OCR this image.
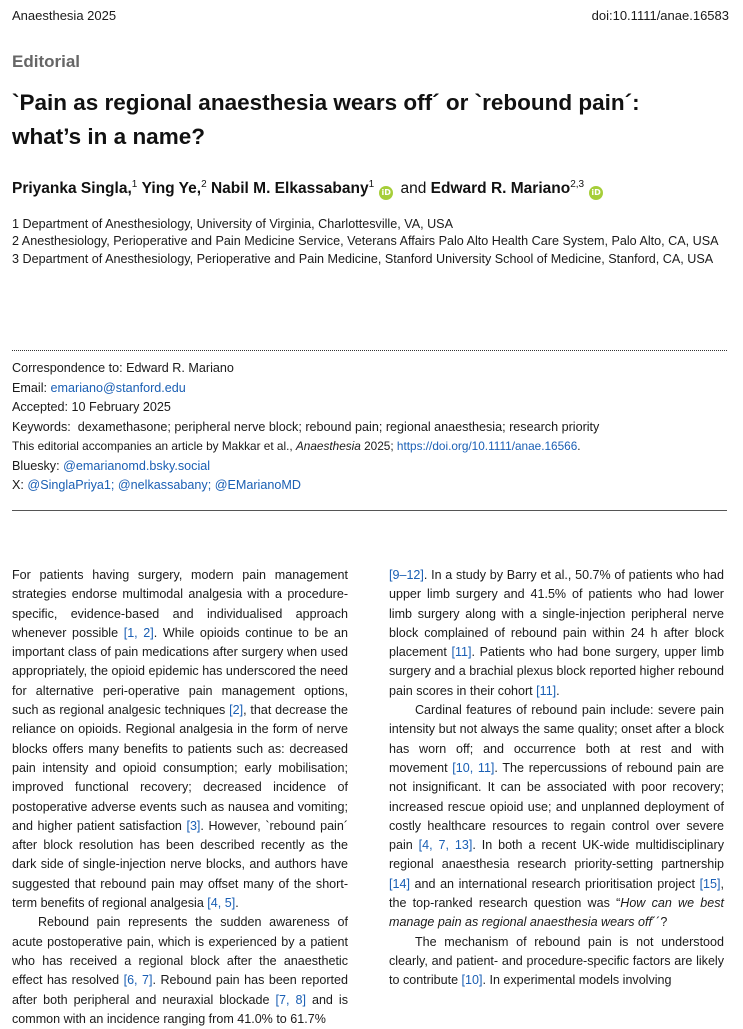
Anaesthesia 2025	doi:10.1111/anae.16583
Editorial
`Pain as regional anaesthesia wears off´ or `rebound pain´:
what’s in a name?
Priyanka Singla,$^1$ Ying Ye,$^2$ Nabil M. Elkassabany$^1$iD and Edward R. Mariano$^{2,3}$iD
1 Department of Anesthesiology, University of Virginia, Charlottesville, VA, USA
2 Anesthesiology, Perioperative and Pain Medicine Service, Veterans Affairs Palo Alto Health Care System, Palo Alto, CA, USA
3 Department of Anesthesiology, Perioperative and Pain Medicine, Stanford University School of Medicine, Stanford, CA, USA
Correspondence to: Edward R. Mariano
Email: emariano@stanford.edu
Accepted: 10 February 2025
Keywords: dexamethasone; peripheral nerve block; rebound pain; regional anaesthesia; research priority
This editorial accompanies an article by Makkar et al., Anaesthesia 2025; https://doi.org/10.1111/anae.16566.
Bluesky: @emarianomd.bsky.social
X: @SinglaPriya1; @nelkassabany; @EMarianoMD

For patients having surgery, modern pain management strategies endorse multimodal analgesia with a procedure-specific, evidence-based and individualised approach whenever possible [1, 2]. While opioids continue to be an important class of pain medications after surgery when used appropriately, the opioid epidemic has underscored the need for alternative peri-operative pain management options, such as regional analgesic techniques [2], that decrease the reliance on opioids. Regional analgesia in the form of nerve blocks offers many benefits to patients such as: decreased pain intensity and opioid consumption; early mobilisation; improved functional recovery; decreased incidence of postoperative adverse events such as nausea and vomiting; and higher patient satisfaction [3]. However, `rebound pain´ after block resolution has been described recently as the dark side of single-injection nerve blocks, and authors have suggested that rebound pain may offset many of the short-term benefits of regional analgesia [4, 5].

Rebound pain represents the sudden awareness of acute postoperative pain, which is experienced by a patient who has received a regional block after the anaesthetic effect has resolved [6, 7]. Rebound pain has been reported after both peripheral and neuraxial blockade [7, 8] and is common with an incidence ranging from 41.0% to 61.7%

[9–12]. In a study by Barry et al., 50.7% of patients who had upper limb surgery and 41.5% of patients who had lower limb surgery along with a single-injection peripheral nerve block complained of rebound pain within 24 h after block placement [11]. Patients who had bone surgery, upper limb surgery and a brachial plexus block reported higher rebound pain scores in their cohort [11].

Cardinal features of rebound pain include: severe pain intensity but not always the same quality; onset after a block has worn off; and occurrence both at rest and with movement [10, 11]. The repercussions of rebound pain are not insignificant. It can be associated with poor recovery; increased rescue opioid use; and unplanned deployment of costly healthcare resources to regain control over severe pain [4, 7, 13]. In both a recent UK-wide multidisciplinary regional anaesthesia research priority-setting partnership [14] and an international research prioritisation project [15], the top-ranked research question was “How can we best manage pain as regional anaesthesia wears off´´?

The mechanism of rebound pain is not understood clearly, and patient- and procedure-specific factors are likely to contribute [10]. In experimental models involving
